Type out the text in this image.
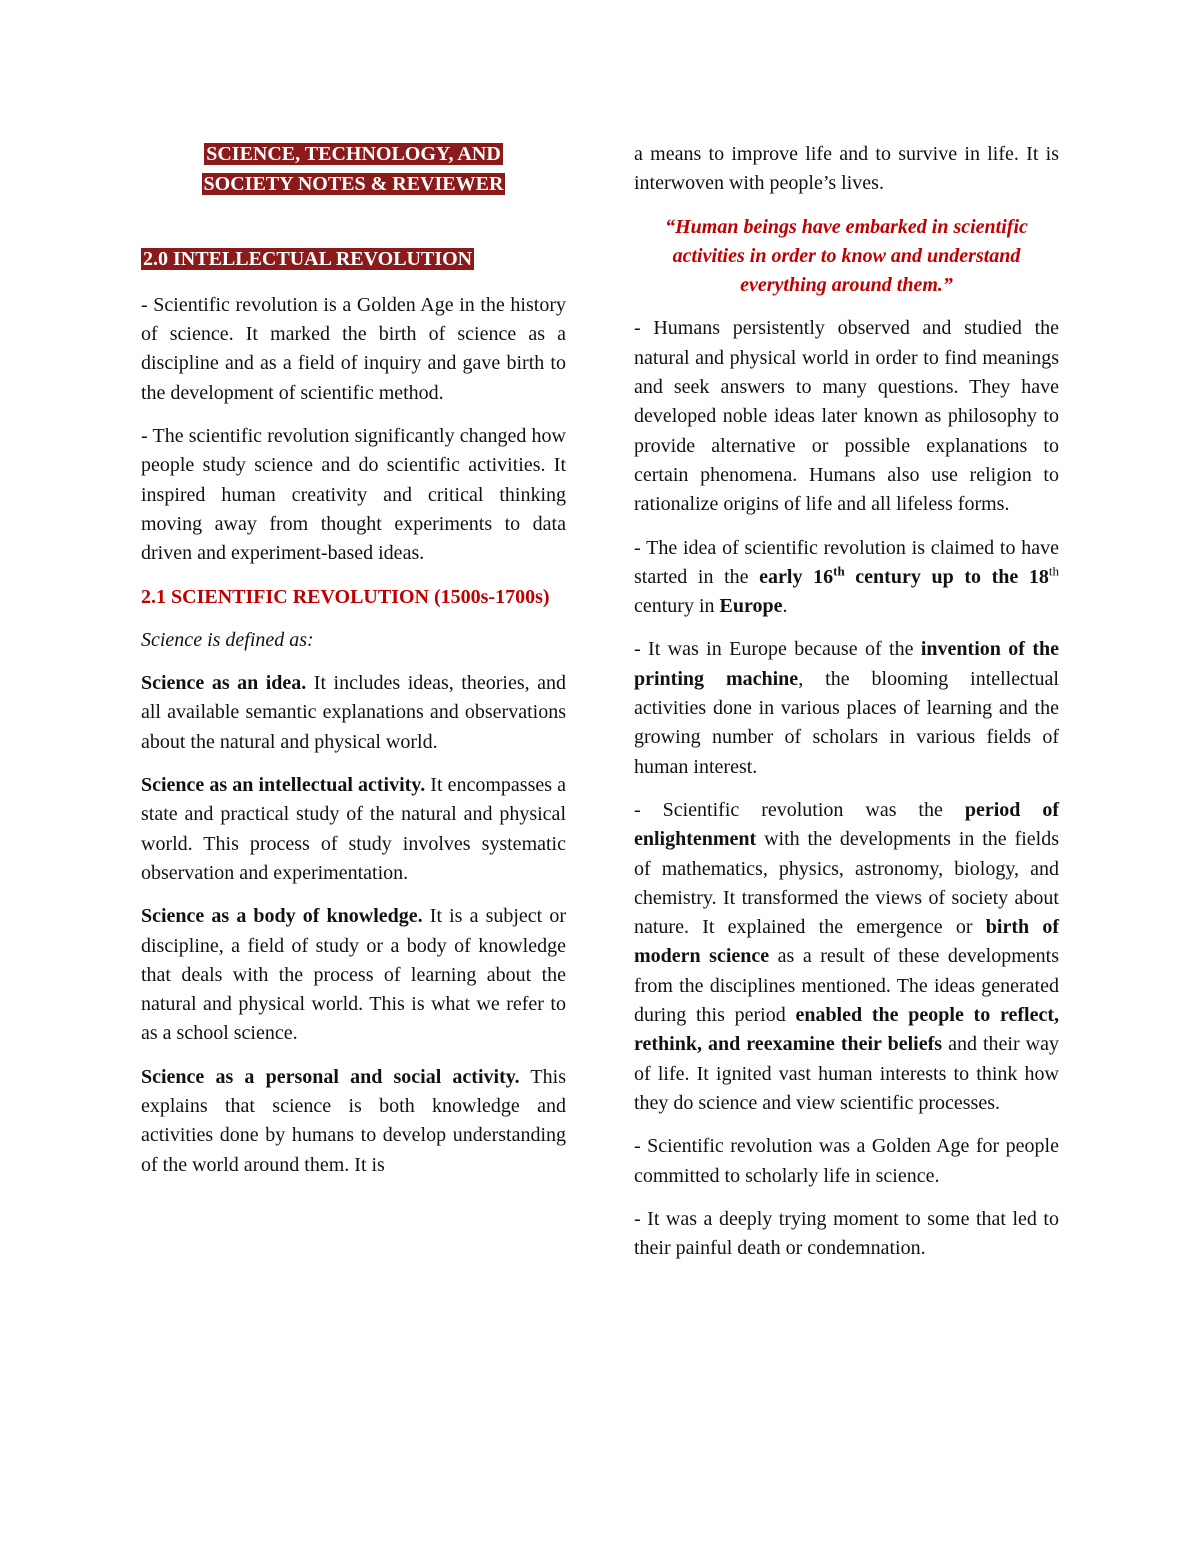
SCIENCE, TECHNOLOGY, AND
SOCIETY NOTES & REVIEWER
2.0 INTELLECTUAL REVOLUTION

- Scientific revolution is a Golden Age in the history of science. It marked the birth of science as a discipline and as a field of inquiry and gave birth to the development of scientific method.

- The scientific revolution significantly changed how people study science and do scientific activities. It inspired human creativity and critical thinking moving away from thought experiments to data driven and experiment-based ideas.

2.1 SCIENTIFIC REVOLUTION (1500s-1700s)

Science is defined as:

Science as an idea. It includes ideas, theories, and all available semantic explanations and observations about the natural and physical world.

Science as an intellectual activity. It encompasses a state and practical study of the natural and physical world. This process of study involves systematic observation and experimentation.

Science as a body of knowledge. It is a subject or discipline, a field of study or a body of knowledge that deals with the process of learning about the natural and physical world. This is what we refer to as a school science.

Science as a personal and social activity. This explains that science is both knowledge and activities done by humans to develop understanding of the world around them. It is

a means to improve life and to survive in life. It is interwoven with people’s lives.

“Human beings have embarked in scientific activities in order to know and understand everything around them.”

- Humans persistently observed and studied the natural and physical world in order to find meanings and seek answers to many questions. They have developed noble ideas later known as philosophy to provide alternative or possible explanations to certain phenomena. Humans also use religion to rationalize origins of life and all lifeless forms.

- The idea of scientific revolution is claimed to have started in the early 16th century up to the 18th century in Europe.

- It was in Europe because of the invention of the printing machine, the blooming intellectual activities done in various places of learning and the growing number of scholars in various fields of human interest.

- Scientific revolution was the period of enlightenment with the developments in the fields of mathematics, physics, astronomy, biology, and chemistry. It transformed the views of society about nature. It explained the emergence or birth of modern science as a result of these developments from the disciplines mentioned. The ideas generated during this period enabled the people to reflect, rethink, and reexamine their beliefs and their way of life. It ignited vast human interests to think how they do science and view scientific processes.

- Scientific revolution was a Golden Age for people committed to scholarly life in science.

- It was a deeply trying moment to some that led to their painful death or condemnation.
